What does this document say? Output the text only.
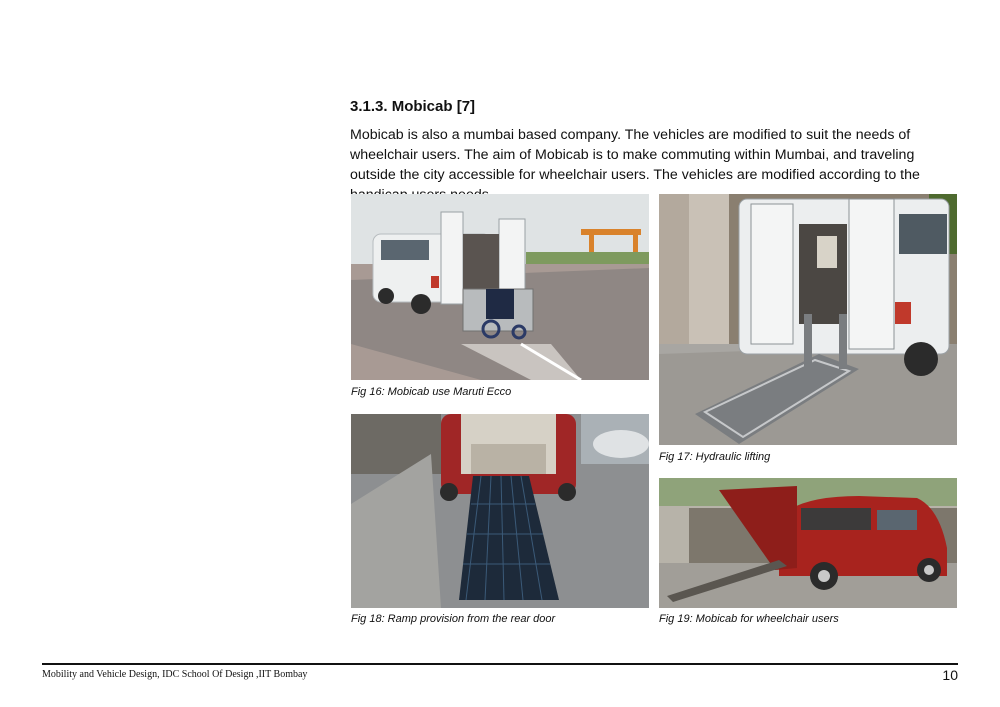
3.1.3. Mobicab [7]
Mobicab is also a mumbai based company. The vehicles are modified to suit the needs of wheelchair users. The aim of Mobicab is to make commuting within Mumbai, and traveling outside the city accessible for wheelchair users. The vehicles are modified according to the
Fig 16: Mobicab use Maruti Ecco
Fig 17: Hydraulic lifting
Fig 18: Ramp provision from the rear door	Fig 19: Mobicab for wheelchair users
Mobility and Vehicle Design, IDC School Of Design ,IIT Bombay	10
